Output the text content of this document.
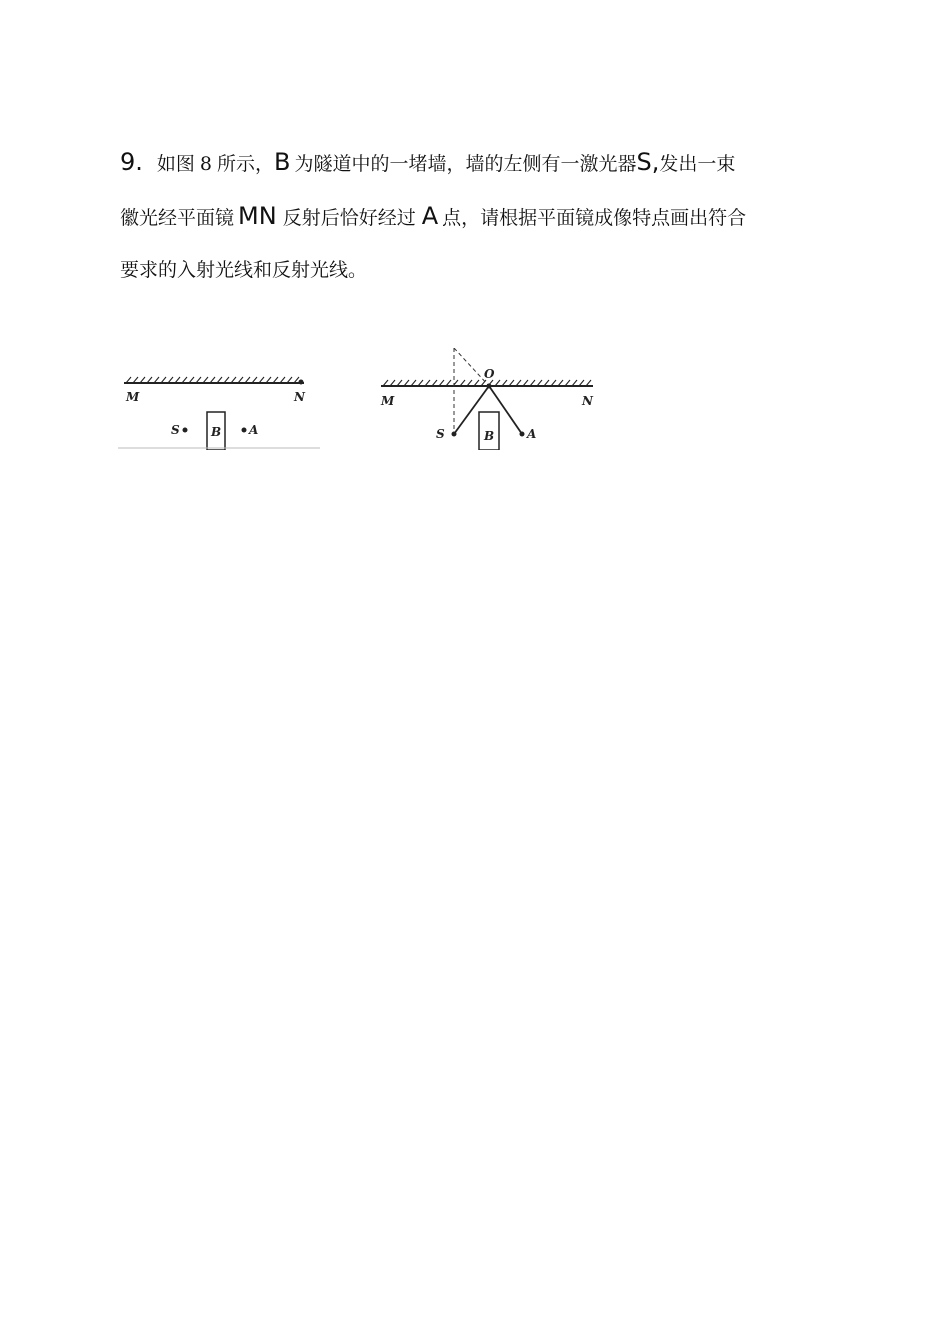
9. 如图 8 所示，B 为隧道中的一堵墙，墙的左侧有一激光器S,发出一束
徽光经平面镜 MN 反射后恰好经过 A 点，请根据平面镜成像特点画出符合
要求的入射光线和反射光线。
M	N
S	B A
O
M	N
S	B	A
